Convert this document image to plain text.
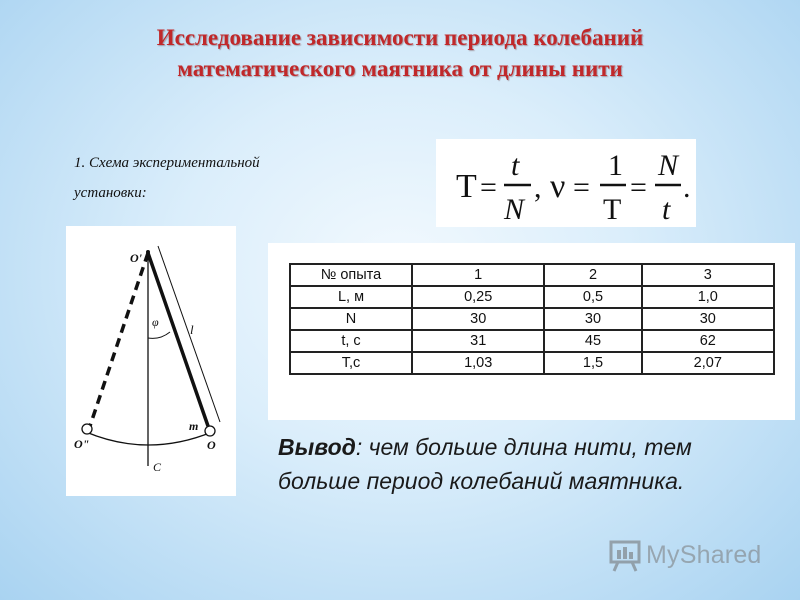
Исследование зависимости периода колебаний
математического маятника от длины нити
1. Схема экспериментальной
установки:	T =
t
N
, ν =
1
T
=
N
t
.
O'
φ l
m
O"	O
C
№ опыта	1	2	3
L, м	0,25	0,5	1,0
N	30	30	30
t, с	31	45	62
T,с	1,03	1,5	2,07
Вывод: чем больше длина нити, тем
больше период колебаний маятника.
MyShared
